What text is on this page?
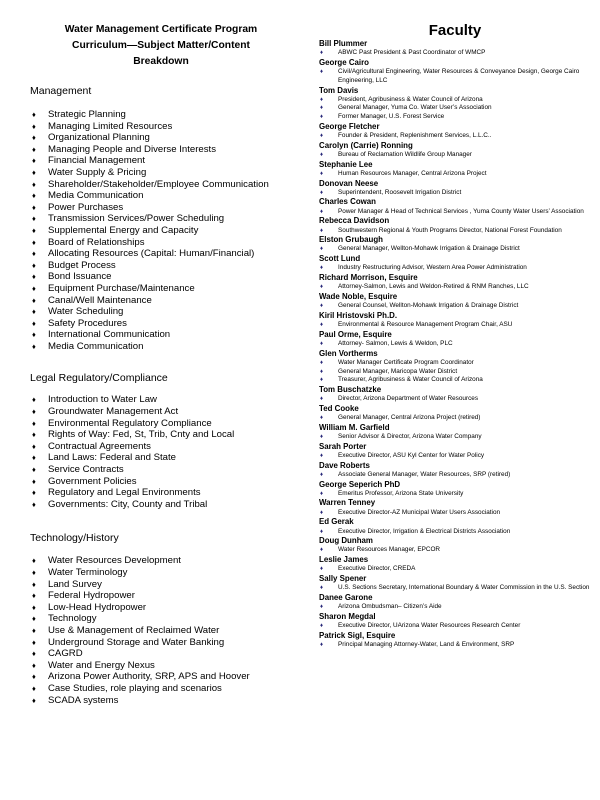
Water Management Certificate Program
Curriculum—Subject Matter/Content
Breakdown
Management
♦ Strategic Planning
♦ Managing Limited Resources
♦ Organizational Planning
♦ Managing People and Diverse Interests
♦ Financial Management
♦ Water Supply & Pricing
♦ Shareholder/Stakeholder/Employee Communication
♦ Media Communication
♦ Power Purchases
♦ Transmission Services/Power Scheduling
♦ Supplemental Energy and Capacity
♦ Board of Relationships
♦ Allocating Resources (Capital: Human/Financial)
♦ Budget Process
♦ Bond Issuance
♦ Equipment Purchase/Maintenance
♦ Canal/Well Maintenance
♦ Water Scheduling
♦ Safety Procedures
♦ International Communication
♦ Media Communication
Legal Regulatory/Compliance
♦ Introduction to Water Law
♦ Groundwater Management Act
♦ Environmental Regulatory Compliance
♦ Rights of Way: Fed, St, Trib, Cnty and Local
♦ Contractual Agreements
♦ Land Laws: Federal and State
♦ Service Contracts
♦ Government Policies
♦ Regulatory and Legal Environments
♦ Governments: City, County and Tribal
Technology/History
♦ Water Resources Development
♦ Water Terminology
♦ Land Survey
♦ Federal Hydropower
♦ Low-Head Hydropower
♦ Technology
♦ Use & Management of Reclaimed Water
♦ Underground Storage and Water Banking
♦ CAGRD
♦ Water and Energy Nexus
♦ Arizona Power Authority, SRP, APS and Hoover
♦ Case Studies, role playing and scenarios
♦ SCADA systems
Faculty
Bill Plummer
♦ ABWC Past President & Past Coordinator of WMCP
George Cairo
♦ Civil/Agricultural Engineering, Water Resources & Conveyance Design, George Cairo Engineering, LLC
Tom Davis
♦ President, Agribusiness & Water Council of Arizona
♦ General Manager, Yuma Co. Water User’s Association
♦ Former Manager, U.S. Forest Service
George Fletcher
♦ Founder & President, Replenishment Services, L.L.C..
Carolyn (Carrie) Ronning
♦ Bureau of Reclamation Wildlife Group Manager
Stephanie Lee
♦ Human Resources Manager, Central Arizona Project
Donovan Neese
♦ Superintendent, Roosevelt Irrigation District
Charles Cowan
♦ Power Manager & Head of Technical Services , Yuma County Water Users’ Association
Rebecca Davidson
♦ Southwestern Regional & Youth Programs Director, National Forest Foundation
Elston Grubaugh
♦ General Manager, Wellton-Mohawk Irrigation & Drainage District
Scott Lund
♦ Industry Restructuring Advisor, Western Area Power Administration
Richard Morrison, Esquire
♦ Attorney-Salmon, Lewis and Weldon-Retired & RNM Ranches, LLC
Wade Noble, Esquire
♦ General Counsel, Wellton-Mohawk Irrigation & Drainage District
Kiril Hristovski Ph.D.
♦ Environmental & Resource Management Program Chair, ASU
Paul Orme, Esquire
♦ Attorney- Salmon, Lewis & Weldon, PLC
Glen Vortherms
♦ Water Manager Certificate Program Coordinator
♦ General Manager, Maricopa Water District
♦ Treasurer, Agribusiness & Water Council of Arizona
Tom Buschatzke
♦ Director, Arizona Department of Water Resources
Ted Cooke
♦ General Manager, Central Arizona Project (retired)
William M. Garfield
♦ Senior Advisor & Director, Arizona Water Company
Sarah Porter
♦ Executive Director, ASU Kyl Center for Water Policy
Dave Roberts
♦ Associate General Manager, Water Resources, SRP (retired)
George Seperich PhD
♦ Emeritus Professor, Arizona State University
Warren Tenney
♦ Executive Director-AZ Municipal Water Users Association
Ed Gerak
♦ Executive Director, Irrigation & Electrical Districts Association
Doug Dunham
♦ Water Resources Manager, EPCOR
Leslie James
♦ Executive Director, CREDA
Sally Spener
♦ U.S. Sections Secretary, International Boundary & Water Commission in the U.S. Section
Danee Garone
♦ Arizona Ombudsman– Citizen’s Aide
Sharon Megdal
♦ Executive Director, UArizona Water Resources Research Center
Patrick Sigl, Esquire
♦ Principal Managing Attorney-Water, Land & Environment, SRP
